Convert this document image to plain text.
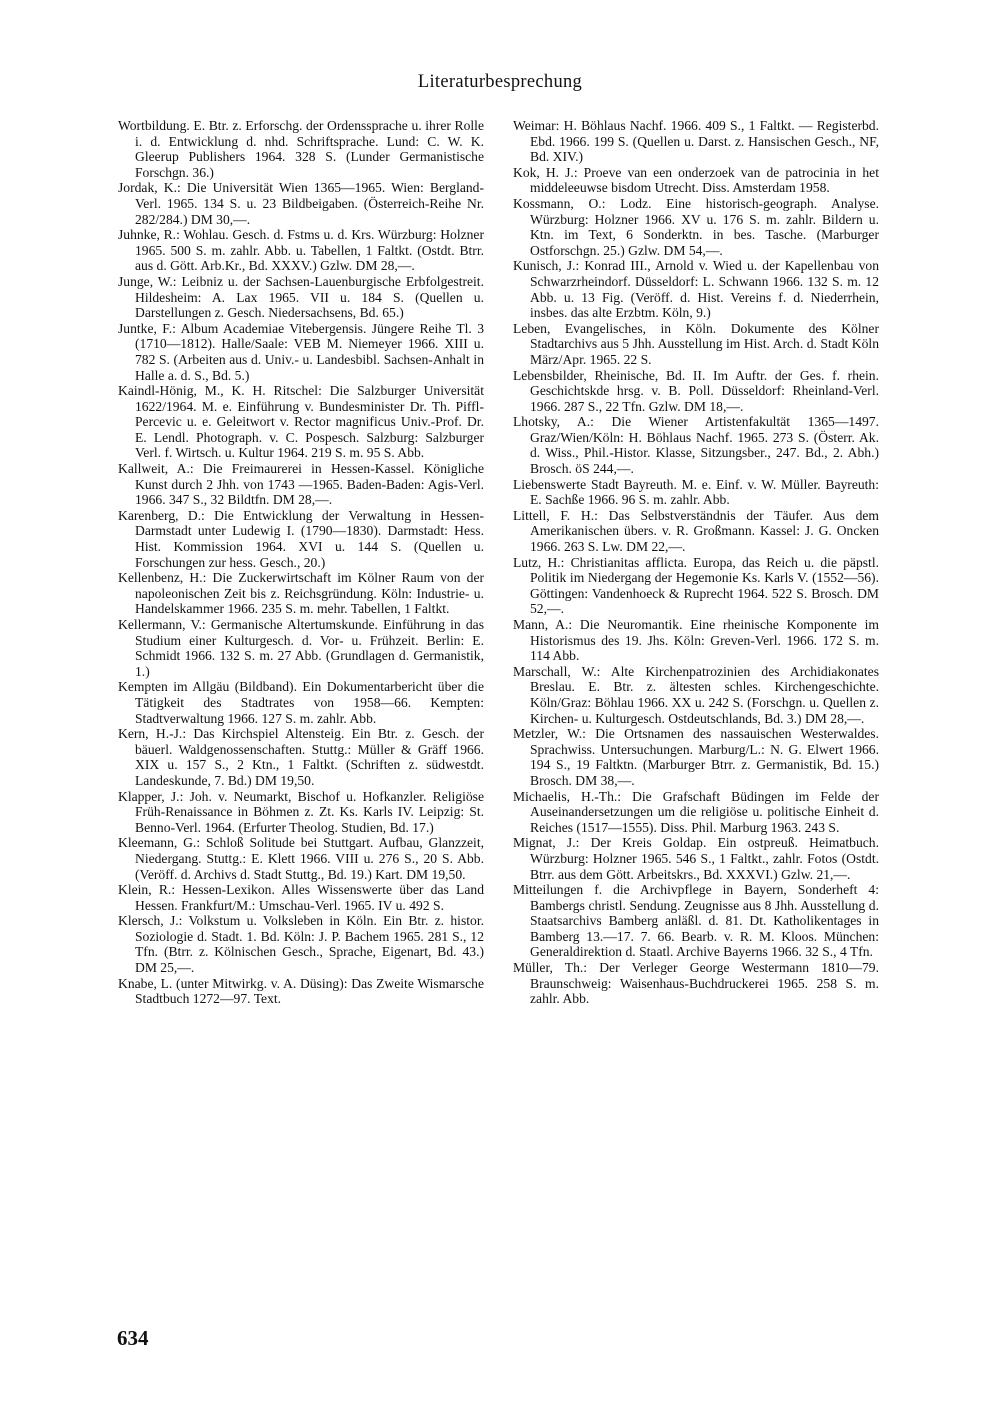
Literaturbesprechung

Wortbildung. E. Btr. z. Erforschg. der Ordenssprache u. ihrer Rolle i. d. Entwicklung d. nhd. Schriftsprache. Lund: C. W. K. Gleerup Publishers 1964. 328 S. (Lunder Germanistische Forschgn. 36.)

Jordak, K.: Die Universität Wien 1365—1965. Wien: Bergland-Verl. 1965. 134 S. u. 23 Bildbeigaben. (Österreich-Reihe Nr. 282/284.) DM 30,—.

Juhnke, R.: Wohlau. Gesch. d. Fstms u. d. Krs. Würzburg: Holzner 1965. 500 S. m. zahlr. Abb. u. Tabellen, 1 Faltkt. (Ostdt. Btrr. aus d. Gött. Arb.Kr., Bd. XXXV.) Gzlw. DM 28,—.

Junge, W.: Leibniz u. der Sachsen-Lauenburgische Erbfolgestreit. Hildesheim: A. Lax 1965. VII u. 184 S. (Quellen u. Darstellungen z. Gesch. Niedersachsens, Bd. 65.)

Juntke, F.: Album Academiae Vitebergensis. Jüngere Reihe Tl. 3 (1710—1812). Halle/Saale: VEB M. Niemeyer 1966. XIII u. 782 S. (Arbeiten aus d. Univ.- u. Landesbibl. Sachsen-Anhalt in Halle a. d. S., Bd. 5.)

Kaindl-Hönig, M., K. H. Ritschel: Die Salzburger Universität 1622/1964. M. e. Einführung v. Bundesminister Dr. Th. Piffl-Percevic u. e. Geleitwort v. Rector magnificus Univ.-Prof. Dr. E. Lendl. Photograph. v. C. Pospesch. Salzburg: Salzburger Verl. f. Wirtsch. u. Kultur 1964. 219 S. m. 95 S. Abb.

Kallweit, A.: Die Freimaurerei in Hessen-Kassel. Königliche Kunst durch 2 Jhh. von 1743 —1965. Baden-Baden: Agis-Verl. 1966. 347 S., 32 Bildtfn. DM 28,—.

Karenberg, D.: Die Entwicklung der Verwaltung in Hessen-Darmstadt unter Ludewig I. (1790—1830). Darmstadt: Hess. Hist. Kommission 1964. XVI u. 144 S. (Quellen u. Forschungen zur hess. Gesch., 20.)

Kellenbenz, H.: Die Zuckerwirtschaft im Kölner Raum von der napoleonischen Zeit bis z. Reichsgründung. Köln: Industrie- u. Handelskammer 1966. 235 S. m. mehr. Tabellen, 1 Faltkt.

Kellermann, V.: Germanische Altertumskunde. Einführung in das Studium einer Kulturgesch. d. Vor- u. Frühzeit. Berlin: E. Schmidt 1966. 132 S. m. 27 Abb. (Grundlagen d. Germanistik, 1.)

Kempten im Allgäu (Bildband). Ein Dokumentarbericht über die Tätigkeit des Stadtrates von 1958—66. Kempten: Stadtverwaltung 1966. 127 S. m. zahlr. Abb.

Kern, H.-J.: Das Kirchspiel Altensteig. Ein Btr. z. Gesch. der bäuerl. Waldgenossenschaften. Stuttg.: Müller & Gräff 1966. XIX u. 157 S., 2 Ktn., 1 Faltkt. (Schriften z. südwestdt. Landeskunde, 7. Bd.) DM 19,50.

Klapper, J.: Joh. v. Neumarkt, Bischof u. Hofkanzler. Religiöse Früh-Renaissance in Böhmen z. Zt. Ks. Karls IV. Leipzig: St. Benno-Verl. 1964. (Erfurter Theolog. Studien, Bd. 17.)

Kleemann, G.: Schloß Solitude bei Stuttgart. Aufbau, Glanzzeit, Niedergang. Stuttg.: E. Klett 1966. VIII u. 276 S., 20 S. Abb. (Veröff. d. Archivs d. Stadt Stuttg., Bd. 19.) Kart. DM 19,50.

Klein, R.: Hessen-Lexikon. Alles Wissenswerte über das Land Hessen. Frankfurt/M.: Umschau-Verl. 1965. IV u. 492 S.

Klersch, J.: Volkstum u. Volksleben in Köln. Ein Btr. z. histor. Soziologie d. Stadt. 1. Bd. Köln: J. P. Bachem 1965. 281 S., 12 Tfn. (Btrr. z. Kölnischen Gesch., Sprache, Eigenart, Bd. 43.) DM 25,—.

Knabe, L. (unter Mitwirkg. v. A. Düsing): Das Zweite Wismarsche Stadtbuch 1272—97. Text.

Weimar: H. Böhlaus Nachf. 1966. 409 S., 1 Faltkt. — Registerbd. Ebd. 1966. 199 S. (Quellen u. Darst. z. Hansischen Gesch., NF, Bd. XIV.)

Kok, H. J.: Proeve van een onderzoek van de patrocinia in het middeleeuwse bisdom Utrecht. Diss. Amsterdam 1958.

Kossmann, O.: Lodz. Eine historisch-geograph. Analyse. Würzburg: Holzner 1966. XV u. 176 S. m. zahlr. Bildern u. Ktn. im Text, 6 Sonderktn. in bes. Tasche. (Marburger Ostforschgn. 25.) Gzlw. DM 54,—.

Kunisch, J.: Konrad III., Arnold v. Wied u. der Kapellenbau von Schwarzrheindorf. Düsseldorf: L. Schwann 1966. 132 S. m. 12 Abb. u. 13 Fig. (Veröff. d. Hist. Vereins f. d. Niederrhein, insbes. das alte Erzbtm. Köln, 9.)

Leben, Evangelisches, in Köln. Dokumente des Kölner Stadtarchivs aus 5 Jhh. Ausstellung im Hist. Arch. d. Stadt Köln März/Apr. 1965. 22 S.

Lebensbilder, Rheinische, Bd. II. Im Auftr. der Ges. f. rhein. Geschichtskde hrsg. v. B. Poll. Düsseldorf: Rheinland-Verl. 1966. 287 S., 22 Tfn. Gzlw. DM 18,—.

Lhotsky, A.: Die Wiener Artistenfakultät 1365—1497. Graz/Wien/Köln: H. Böhlaus Nachf. 1965. 273 S. (Österr. Ak. d. Wiss., Phil.-Histor. Klasse, Sitzungsber., 247. Bd., 2. Abh.) Brosch. öS 244,—.

Liebenswerte Stadt Bayreuth. M. e. Einf. v. W. Müller. Bayreuth: E. Sachße 1966. 96 S. m. zahlr. Abb.

Littell, F. H.: Das Selbstverständnis der Täufer. Aus dem Amerikanischen übers. v. R. Großmann. Kassel: J. G. Oncken 1966. 263 S. Lw. DM 22,—.

Lutz, H.: Christianitas afflicta. Europa, das Reich u. die päpstl. Politik im Niedergang der Hegemonie Ks. Karls V. (1552—56). Göttingen: Vandenhoeck & Ruprecht 1964. 522 S. Brosch. DM 52,—.

Mann, A.: Die Neuromantik. Eine rheinische Komponente im Historismus des 19. Jhs. Köln: Greven-Verl. 1966. 172 S. m. 114 Abb.

Marschall, W.: Alte Kirchenpatrozinien des Archidiakonates Breslau. E. Btr. z. ältesten schles. Kirchengeschichte. Köln/Graz: Böhlau 1966. XX u. 242 S. (Forschgn. u. Quellen z. Kirchen- u. Kulturgesch. Ostdeutschlands, Bd. 3.) DM 28,—.

Metzler, W.: Die Ortsnamen des nassauischen Westerwaldes. Sprachwiss. Untersuchungen. Marburg/L.: N. G. Elwert 1966. 194 S., 19 Faltktn. (Marburger Btrr. z. Germanistik, Bd. 15.) Brosch. DM 38,—.

Michaelis, H.-Th.: Die Grafschaft Büdingen im Felde der Auseinandersetzungen um die religiöse u. politische Einheit d. Reiches (1517—1555). Diss. Phil. Marburg 1963. 243 S.

Mignat, J.: Der Kreis Goldap. Ein ostpreuß. Heimatbuch. Würzburg: Holzner 1965. 546 S., 1 Faltkt., zahlr. Fotos (Ostdt. Btrr. aus dem Gött. Arbeitskrs., Bd. XXXVI.) Gzlw. 21,—.

Mitteilungen f. die Archivpflege in Bayern, Sonderheft 4: Bambergs christl. Sendung. Zeugnisse aus 8 Jhh. Ausstellung d. Staatsarchivs Bamberg anläßl. d. 81. Dt. Katholikentages in Bamberg 13.—17. 7. 66. Bearb. v. R. M. Kloos. München: Generaldirektion d. Staatl. Archive Bayerns 1966. 32 S., 4 Tfn.

Müller, Th.: Der Verleger George Westermann 1810—79. Braunschweig: Waisenhaus-Buchdruckerei 1965. 258 S. m. zahlr. Abb.

634
